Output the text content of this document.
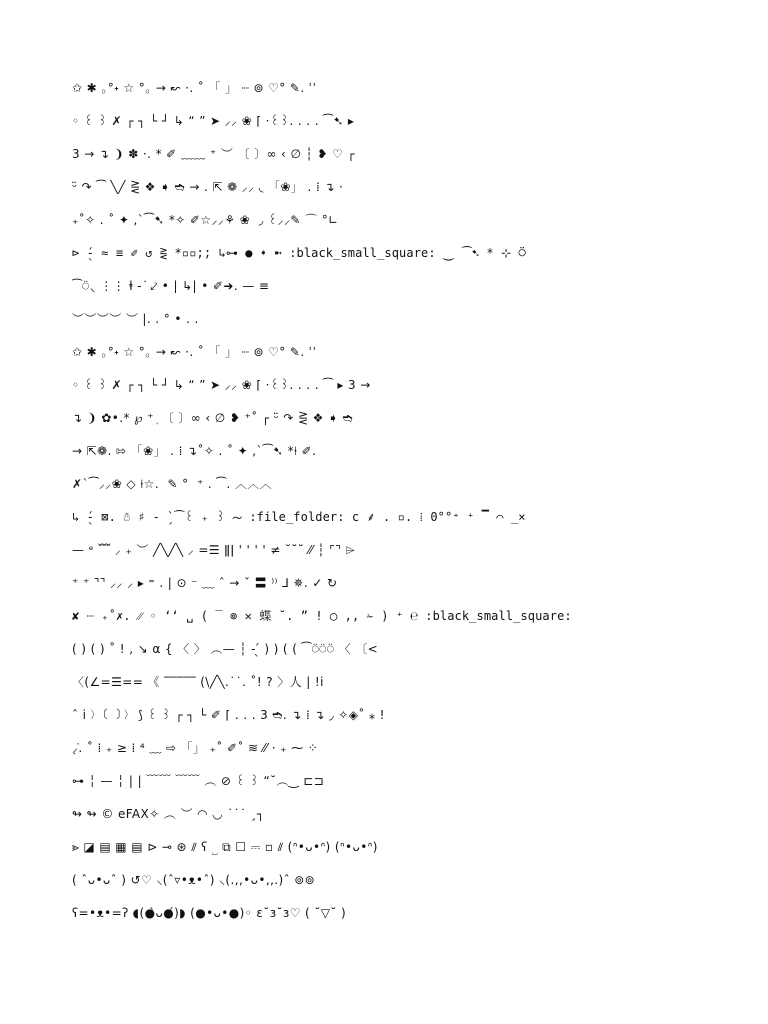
✩ ✱ ｡°˖ ☆ °｡ → ↜ ·. ˚ 「 」 ┈ ⊚ ♡° ✎. ʾʾ
◦ ꒰ ꒱ ✗ ┌ ┐ └ ┘ ↳ “ ” ➤ ⸝⸝ ❀ ⌈ ·꒰꒱. . . . ⁀➷ ▸
3 → ↴ ❩ ✽ ·. * ✐ ﹏﹏ ⁺ ︶ 〔 〕∞ ‹ ∅ ┆ ❥ ♡ ┌
ᵕ̈ ↷ ⁀ ╲╱ ⋛ ❖ ➧ ➬ → . ⇱ ❁ ⸝⸝ ◟ 「❀」 . ⁞ ↴ ·
₊˚✧ . ˚ ✦ ,`⁀➷ *✧ ✐☆⸝⸝⚘ ❀ ͏ ◞ ꒰⸝⸝✎ ⌒ °∟
⊳ ̖́- ≈ ≡ ✐ ↺ ⋛ *▫▫;; ↳⊶ ● ➧ ➼ :black_small_square: ⏝ ⁀➷ * ⊹ ⍥
⁀⍥⸜ ⋮⋮ ⱡ - ͘ ⤦ • | ↳| • ✐➜. — ≡
︶︶︶︶ ︶ |. . ° • . .
✩ ✱ ｡°˖ ☆ °｡ → ↜ ·. ˚ 「 」 ┈ ⊚ ♡° ✎. ʾʾ
◦ ꒰ ꒱ ✗ ┌ ┐ └ ┘ ↳ “ ” ➤ ⸝⸝ ❀ ⌈ ·꒰꒱. . . . ⁀ ▸ 3 →
↴ ❩ ✿•.* ℘ ⁺ ᷂ 〔 〕∞ ‹ ∅ ❥ ⁺˚ ┌ ᵕ̈ ↷ ⋛ ❖ ➧ ➬
→ ⇱❁. ⇰ 「❀」 . ⁞ ↴˚✧ . ˚ ✦ ,`⁀➷ *⍿ ✐.
✗`⁀⸝⸝❀ ◇ ⍿☆. ͏ ✎ ° ͏ ⁺ . ⁀. ︿︿︿
↳ ̖́- ⊠. ☃ ♯ - ̗̀ ⁀꒰ ₊ ꒱ ～ :file_folder: c ⸙ . ▫. ⁞ 0°°⁺ ⁺ ▔ ⌒ _×
— ᵉ ﹌ ⸝ ₊ ︶ ╱╲╱╲ ⸝ =☰ ǁǀ ' ' ' ' ≠ ˘˘˘ ⁄⁄ ┆ ⌜⌝ ⌲
⁺ ⁺ ⌝⌝ ⸝⸝ ⸝ ▸ ⁼ . | ⊙ ⁻ ﹏ ˆ → ˇ 〓 ⁾⁾ ⅃ ✵. ✓ ↻
✘ ┈ ₊˚✗. ⁄⁄ ◦ ‘‘ ␣ ( ‾ ⊚ ✕ 蝶 ˘. ” ! ◯ ,, ✁ ) ⁺ ℮ :black_small_square:
( ) ( ) ˚ ! , ↘ α { 〈 〉 ︵— ┆ - ̖́ ) ) ( ( ⁀⍥⍥⍥ 〈 〔<
〈(∠=☰== 《 ‾‾‾‾‾ (\╱╲.˙˙. ˚! ? 〉人 | !i
ˆ i 〉〔 〕〉 ⟆ ꒰ ꒱ ┌ ┐ └ ✐ ⌈ . . . 3 ➬. ↴ ⁞ ↴ ◞ ✧◈˚ ⁎ !
⸝̣̇. ˚ ⁞ ₊ ≥ ⁞ ⁴ ﹏ ⇨ 「」 ₊˚ ✐˚ ≋ ⁄⁄ · ₊ ⁓ ⁘
⊶ ╎ — ╎ | | ﹋﹋ ﹋﹋ ︵ ⊘ ꒰ ꒱ “˘︵‿ ⊏⊐
↬ ↬ © eFAX✧ ︵ ︶ ◠ ◡ ˙˙˙ ¸┐
⪢ ◪ ▤ ▦ ▤ ⊳ ⊸ ⊛ ⫽ ʕ ⎵ ⧉ ☐ ⎓ ▫ ⫽ (ᐢ•ᴗ•ᐢ) (ᐢ•ᴗ•ᐢ)
( ˆᴗ•ᴗˆ ) ↺♡ ⸜(ˆ▿•ᴥ•ˆ) ⸜(.,,•ᴗ•,,.)ˆ ⊚⊚
ʕ=•ᴥ•=ʔ ◖(●̀ᴗ●́)◗ (●•ᴗ•●)◦ ε˘з˘з♡ ( ˘▽˘ )
